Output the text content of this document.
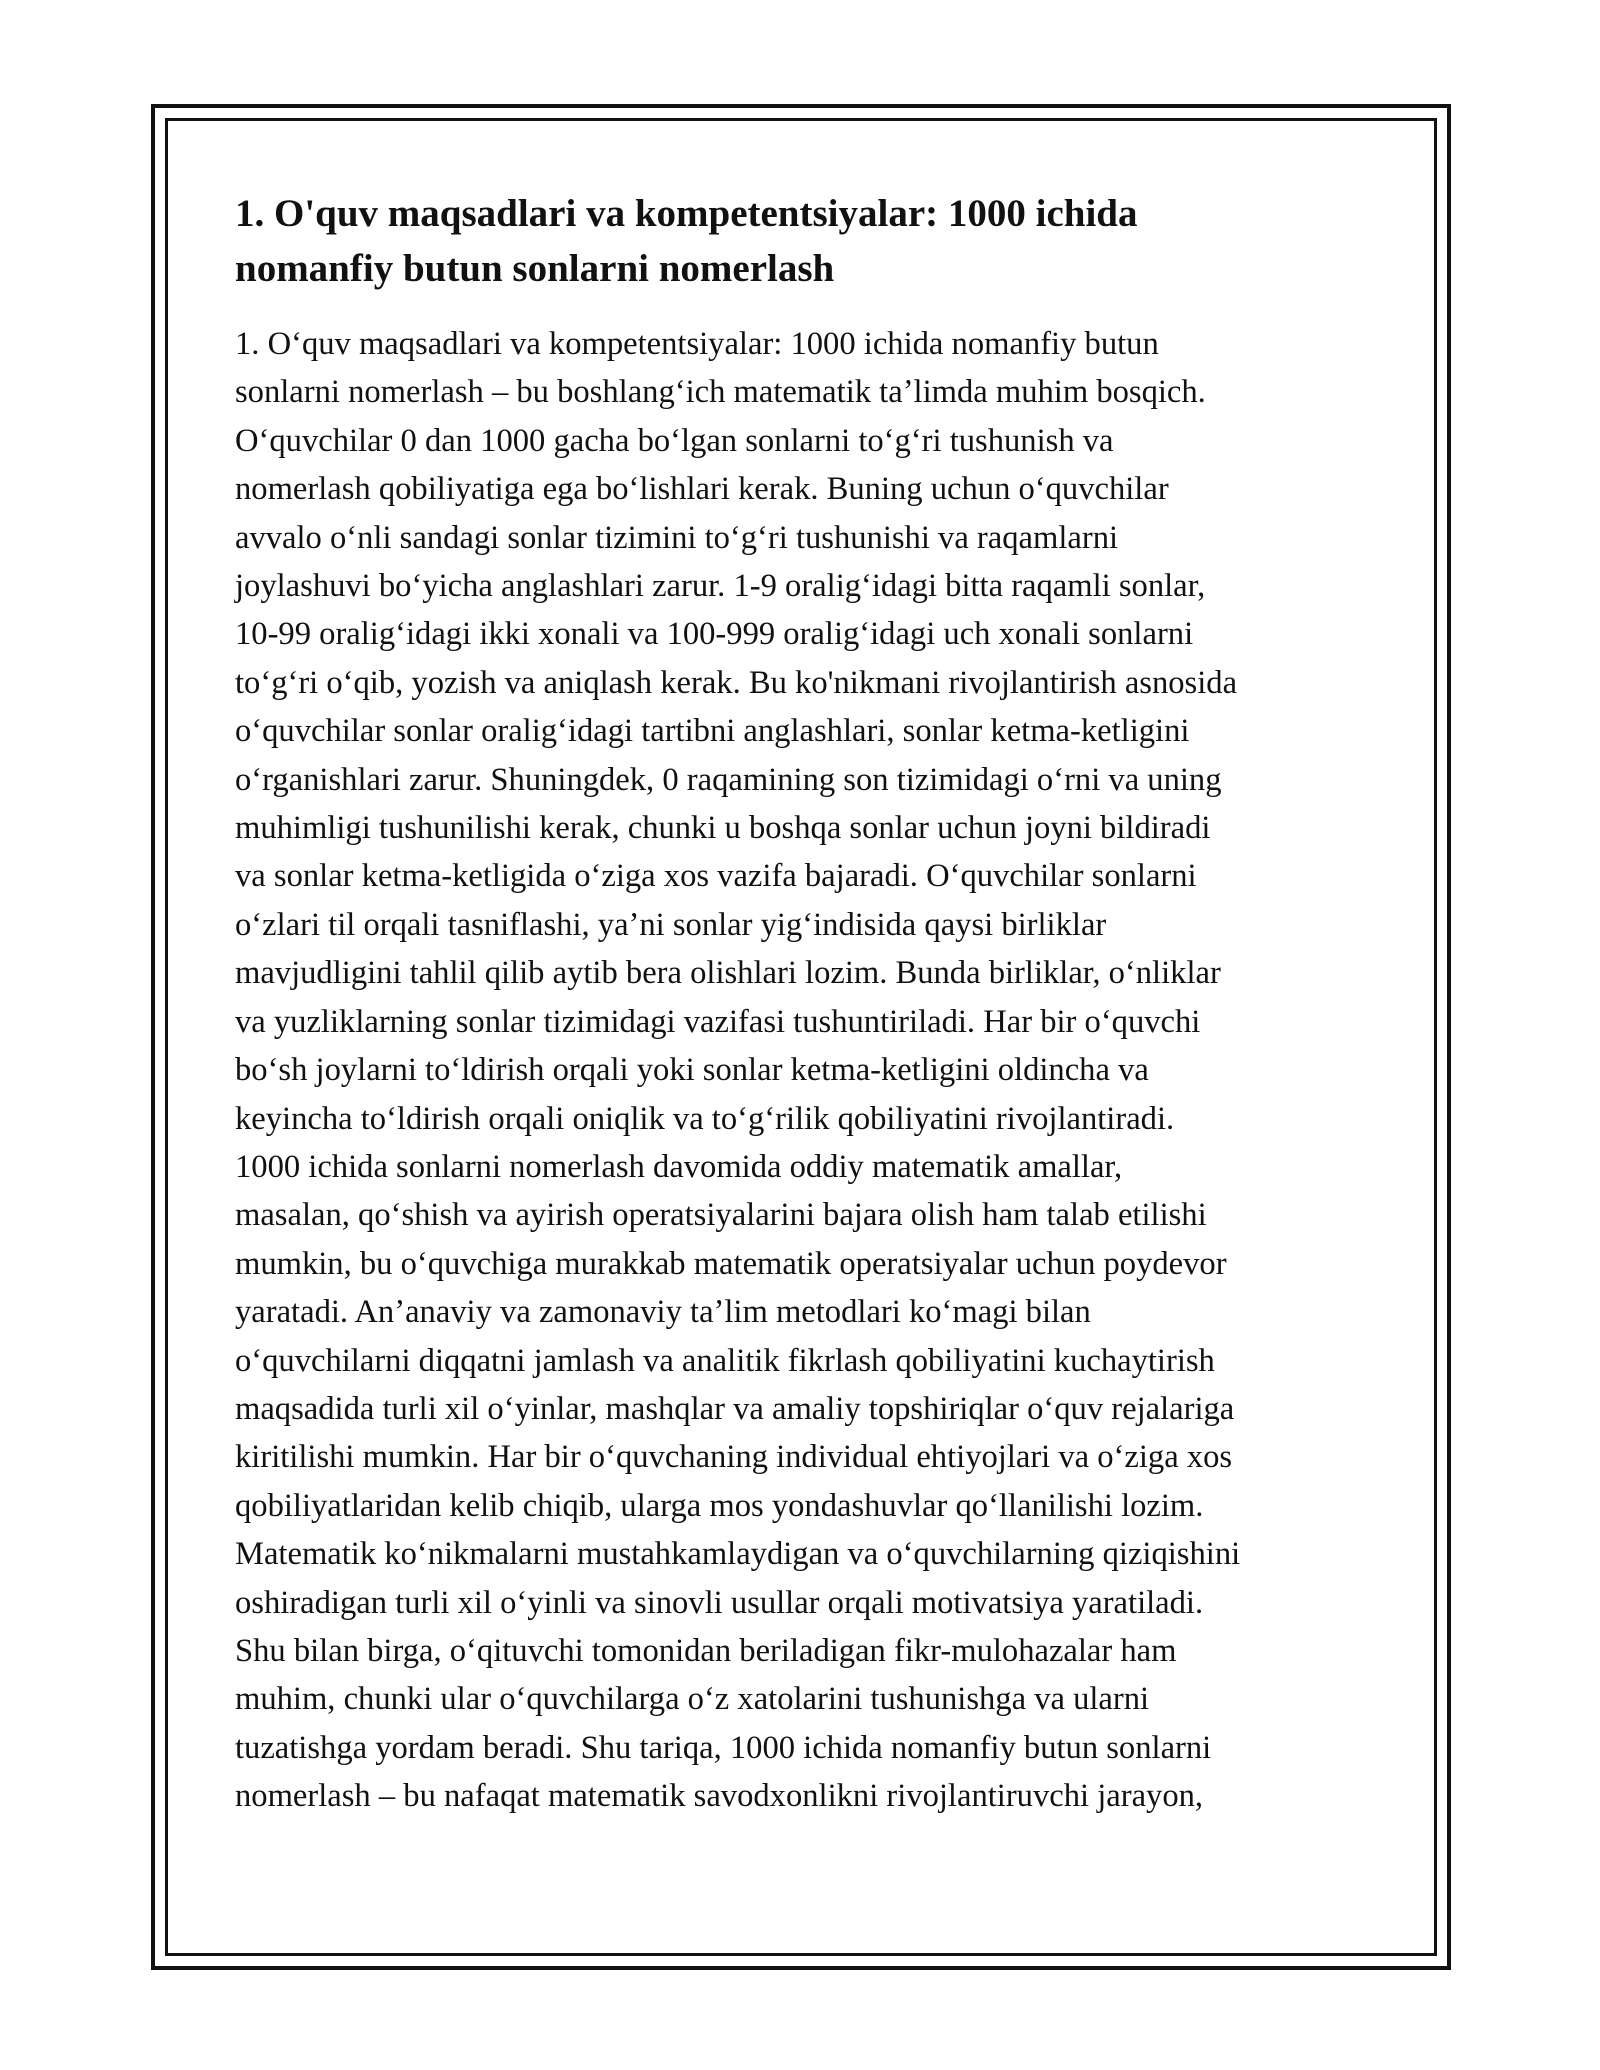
1. O'quv maqsadlari va kompetentsiyalar: 1000 ichida
nomanfiy butun sonlarni nomerlash

1. Oʻquv maqsadlari va kompetentsiyalar: 1000 ichida nomanfiy butun
sonlarni nomerlash – bu boshlangʻich matematik taʼlimda muhim bosqich.
Oʻquvchilar 0 dan 1000 gacha boʻlgan sonlarni toʻgʻri tushunish va
nomerlash qobiliyatiga ega boʻlishlari kerak. Buning uchun oʻquvchilar
avvalo oʻnli sandagi sonlar tizimini toʻgʻri tushunishi va raqamlarni
joylashuvi boʻyicha anglashlari zarur. 1-9 oraligʻidagi bitta raqamli sonlar,
10-99 oraligʻidagi ikki xonali va 100-999 oraligʻidagi uch xonali sonlarni
toʻgʻri oʻqib, yozish va aniqlash kerak. Bu ko'nikmani rivojlantirish asnosida
oʻquvchilar sonlar oraligʻidagi tartibni anglashlari, sonlar ketma-ketligini
oʻrganishlari zarur. Shuningdek, 0 raqamining son tizimidagi oʻrni va uning
muhimligi tushunilishi kerak, chunki u boshqa sonlar uchun joyni bildiradi
va sonlar ketma-ketligida oʻziga xos vazifa bajaradi. Oʻquvchilar sonlarni
oʻzlari til orqali tasniflashi, yaʼni sonlar yigʻindisida qaysi birliklar
mavjudligini tahlil qilib aytib bera olishlari lozim. Bunda birliklar, oʻnliklar
va yuzliklarning sonlar tizimidagi vazifasi tushuntiriladi. Har bir oʻquvchi
boʻsh joylarni toʻldirish orqali yoki sonlar ketma-ketligini oldincha va
keyincha toʻldirish orqali oniqlik va toʻgʻrilik qobiliyatini rivojlantiradi.
1000 ichida sonlarni nomerlash davomida oddiy matematik amallar,
masalan, qoʻshish va ayirish operatsiyalarini bajara olish ham talab etilishi
mumkin, bu oʻquvchiga murakkab matematik operatsiyalar uchun poydevor
yaratadi. Anʼanaviy va zamonaviy taʼlim metodlari koʻmagi bilan
oʻquvchilarni diqqatni jamlash va analitik fikrlash qobiliyatini kuchaytirish
maqsadida turli xil oʻyinlar, mashqlar va amaliy topshiriqlar oʻquv rejalariga
kiritilishi mumkin. Har bir oʻquvchaning individual ehtiyojlari va oʻziga xos
qobiliyatlaridan kelib chiqib, ularga mos yondashuvlar qoʻllanilishi lozim.
Matematik koʻnikmalarni mustahkamlaydigan va oʻquvchilarning qiziqishini
oshiradigan turli xil oʻyinli va sinovli usullar orqali motivatsiya yaratiladi.
Shu bilan birga, oʻqituvchi tomonidan beriladigan fikr-mulohazalar ham
muhim, chunki ular oʻquvchilarga oʻz xatolarini tushunishga va ularni
tuzatishga yordam beradi. Shu tariqa, 1000 ichida nomanfiy butun sonlarni
nomerlash – bu nafaqat matematik savodxonlikni rivojlantiruvchi jarayon,
